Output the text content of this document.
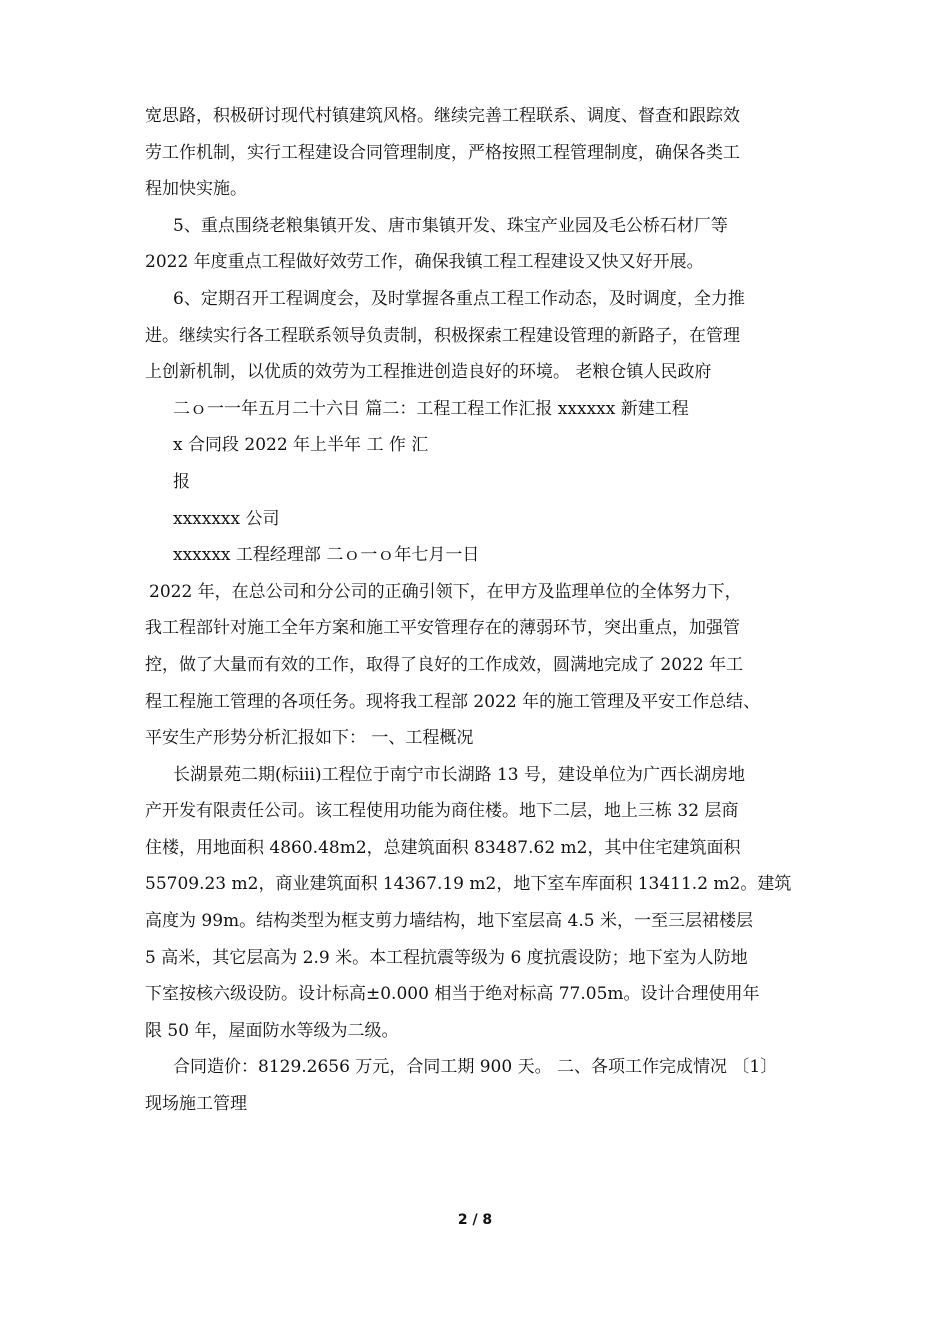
宽思路，积极研讨现代村镇建筑风格。继续完善工程联系、调度、督查和跟踪效
劳工作机制，实行工程建设合同管理制度，严格按照工程管理制度，确保各类工
程加快实施。
5、重点围绕老粮集镇开发、唐市集镇开发、珠宝产业园及毛公桥石材厂等
2022 年度重点工程做好效劳工作，确保我镇工程工程建设又快又好开展。
6、定期召开工程调度会，及时掌握各重点工程工作动态，及时调度，全力推
进。继续实行各工程联系领导负责制，积极探索工程建设管理的新路子，在管理
上创新机制，以优质的效劳为工程推进创造良好的环境。 老粮仓镇人民政府
二ｏ一一年五月二十六日 篇二：工程工程工作汇报 xxxxxx 新建工程
x 合同段 2022 年上半年 工 作 汇
报
xxxxxxx 公司
xxxxxx 工程经理部 二ｏ一ｏ年七月一日
2022 年，在总公司和分公司的正确引领下，在甲方及监理单位的全体努力下，
我工程部针对施工全年方案和施工平安管理存在的薄弱环节，突出重点，加强管
控，做了大量而有效的工作，取得了良好的工作成效，圆满地完成了 2022 年工
程工程施工管理的各项任务。现将我工程部 2022 年的施工管理及平安工作总结、
平安生产形势分析汇报如下： 一、工程概况
长湖景苑二期(标ⅲ)工程位于南宁市长湖路 13 号，建设单位为广西长湖房地
产开发有限责任公司。该工程使用功能为商住楼。地下二层，地上三栋 32 层商
住楼，用地面积 4860.48m2，总建筑面积 83487.62 m2，其中住宅建筑面积
55709.23 m2，商业建筑面积 14367.19 m2，地下室车库面积 13411.2 m2。建筑
高度为 99m。结构类型为框支剪力墙结构，地下室层高 4.5 米，一至三层裙楼层
5 高米，其它层高为 2.9 米。本工程抗震等级为 6 度抗震设防；地下室为人防地
下室按核六级设防。设计标高±0.000 相当于绝对标高 77.05m。设计合理使用年
限 50 年，屋面防水等级为二级。
合同造价：8129.2656 万元，合同工期 900 天。 二、各项工作完成情况 〔1〕
现场施工管理
2 / 8
